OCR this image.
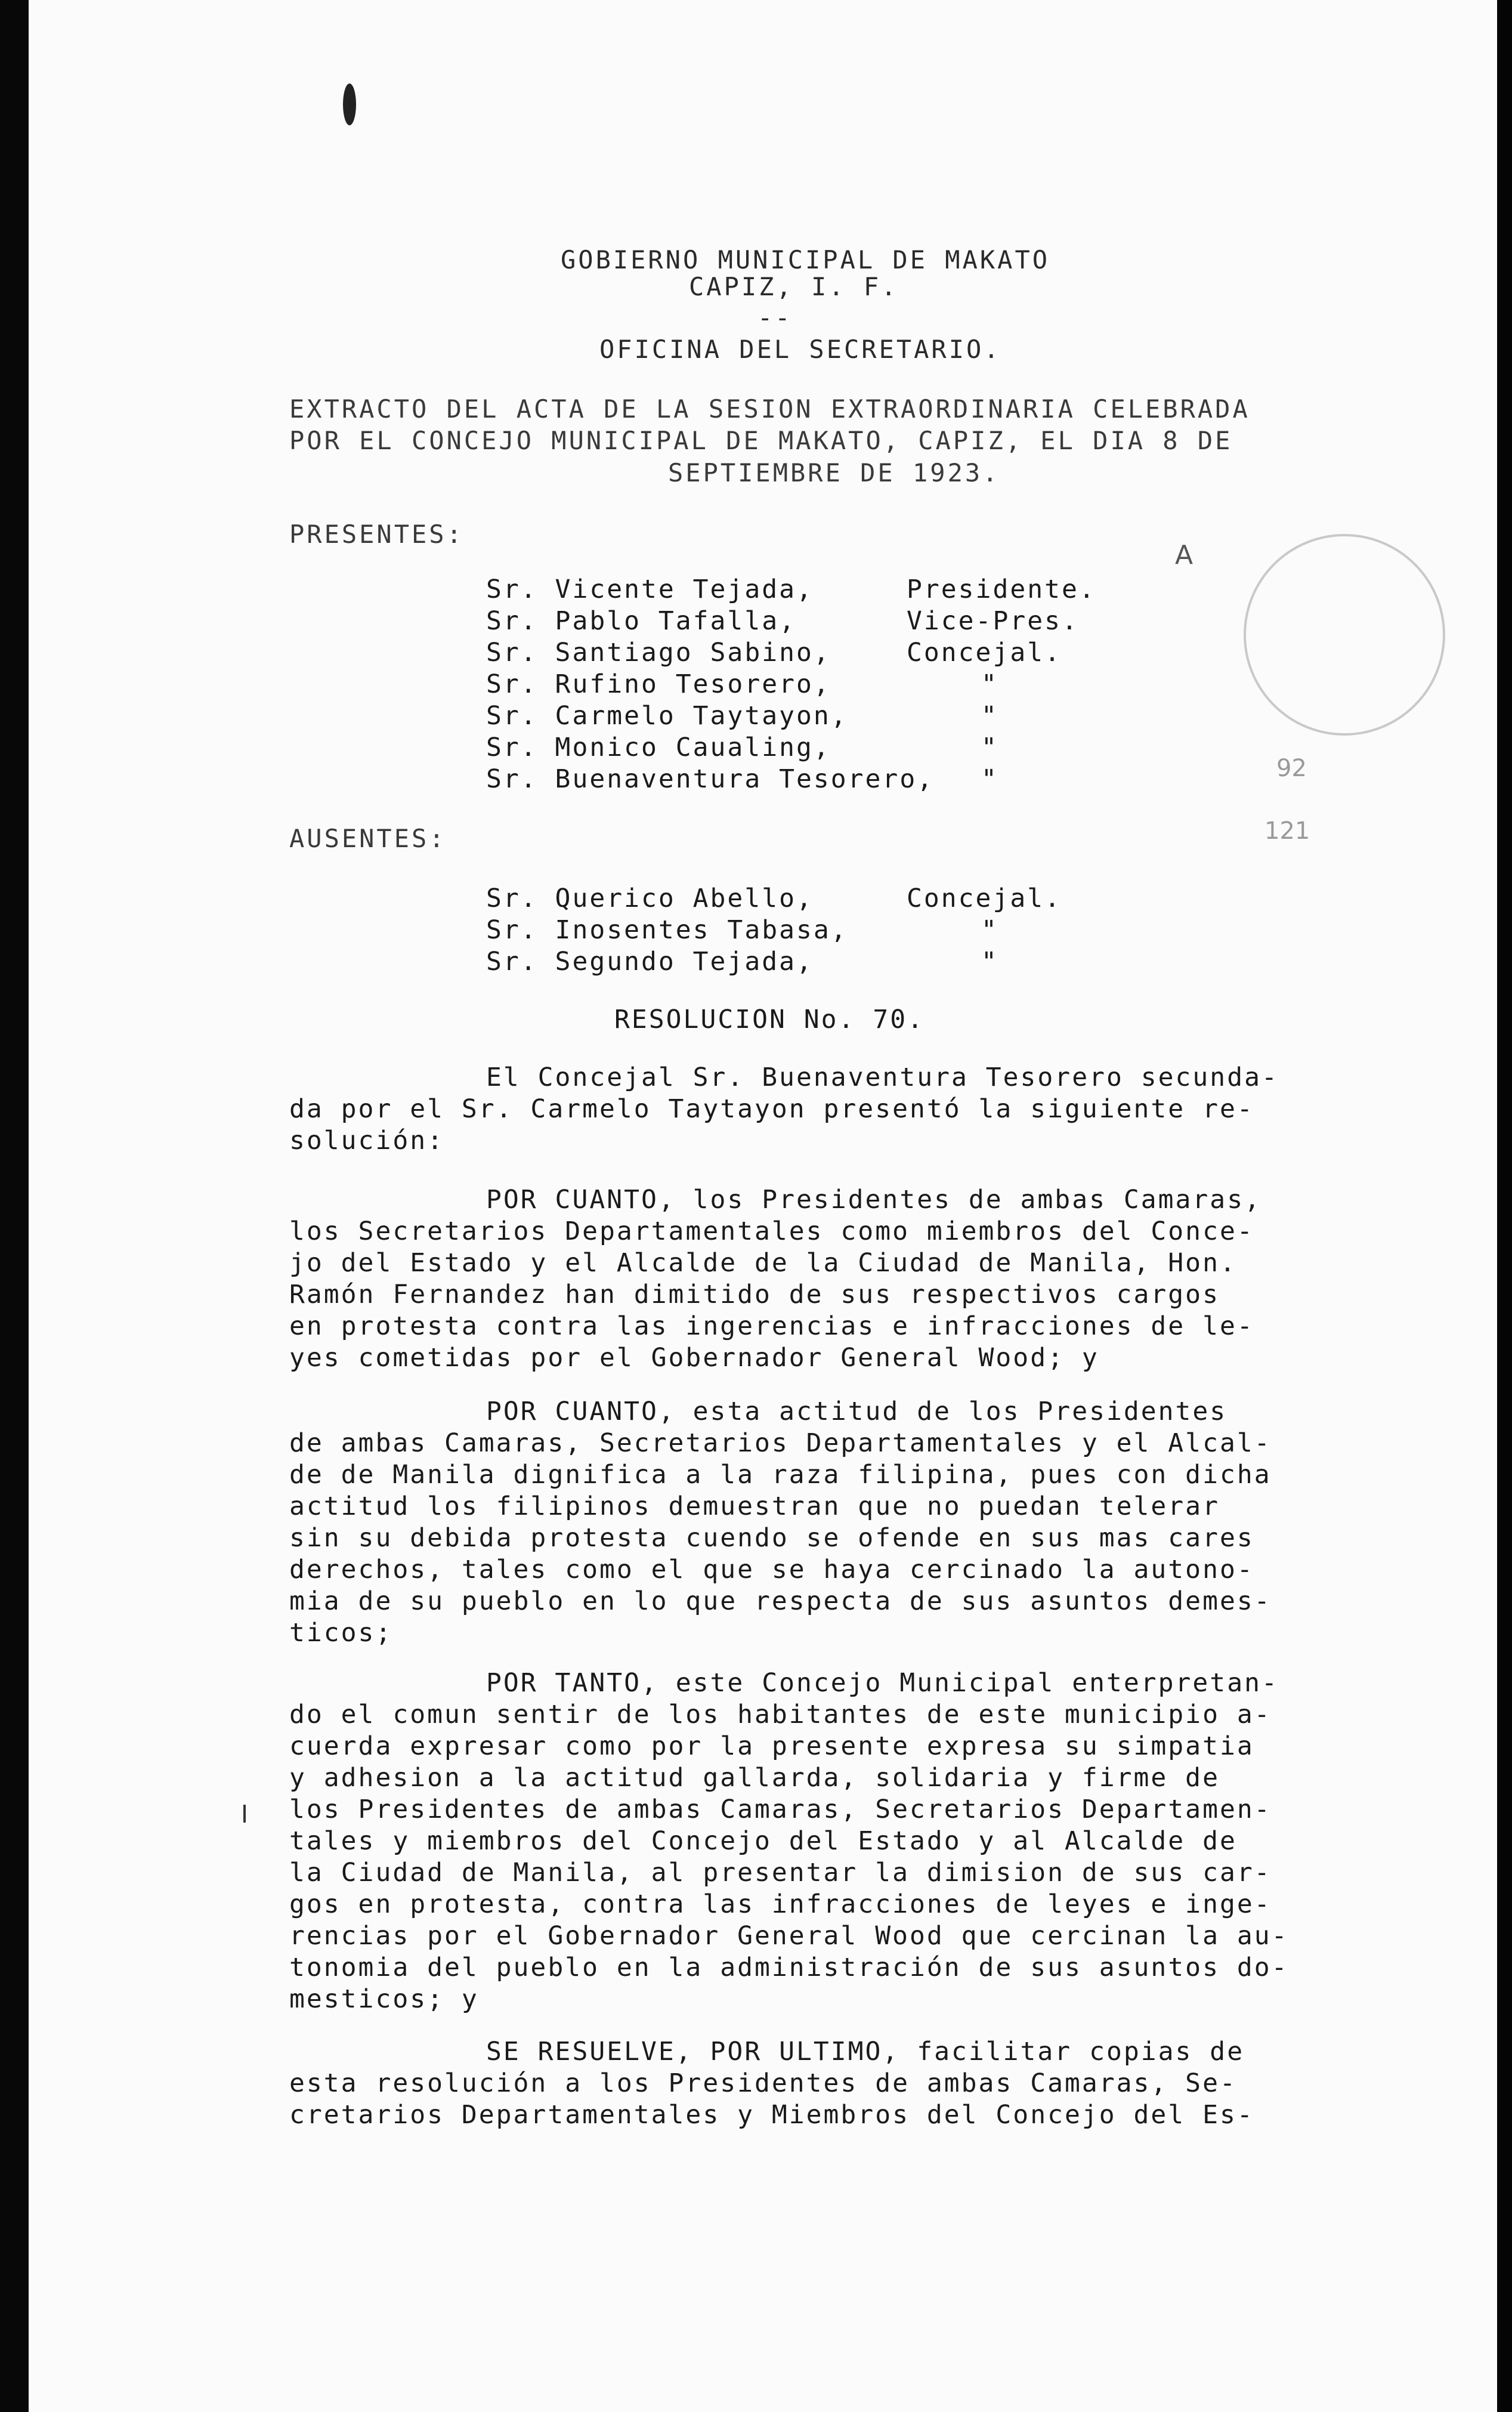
GOBIERNO MUNICIPAL DE MAKATO

CAPIZ, I. F.

--

OFICINA DEL SECRETARIO.

EXTRACTO DEL ACTA DE LA SESION EXTRAORDINARIA CELEBRADA

POR EL CONCEJO MUNICIPAL DE MAKATO, CAPIZ, EL DIA 8 DE

SEPTIEMBRE DE 1923.

PRESENTES:

Sr. Vicente Tejada,	Presidente.

Sr. Pablo Tafalla,	Vice-Pres.

Sr. Santiago Sabino,	Concejal.

Sr. Rufino Tesorero,	"

Sr. Carmelo Taytayon,	"

Sr. Monico Caualing,	"

Sr. Buenaventura Tesorero, "

AUSENTES:

Sr. Querico Abello,	Concejal.

Sr. Inosentes Tabasa,	"

Sr. Segundo Tejada,	"

RESOLUCION No. 70.

El Concejal Sr. Buenaventura Tesorero secunda-

da por el Sr. Carmelo Taytayon presentó la siguiente re-

solución:

POR CUANTO, los Presidentes de ambas Camaras,

los Secretarios Departamentales como miembros del Conce-

jo del Estado y el Alcalde de la Ciudad de Manila, Hon.

Ramón Fernandez han dimitido de sus respectivos cargos

en protesta contra las ingerencias e infracciones de le-

yes cometidas por el Gobernador General Wood; y

POR CUANTO, esta actitud de los Presidentes

de ambas Camaras, Secretarios Departamentales y el Alcal-

de de Manila dignifica a la raza filipina, pues con dicha

actitud los filipinos demuestran que no puedan telerar

sin su debida protesta cuendo se ofende en sus mas cares

derechos, tales como el que se haya cercinado la autono-

mia de su pueblo en lo que respecta de sus asuntos demes-

ticos;

POR TANTO, este Concejo Municipal enterpretan-

do el comun sentir de los habitantes de este municipio a-

cuerda expresar como por la presente expresa su simpatia

y adhesion a la actitud gallarda, solidaria y firme de

los Presidentes de ambas Camaras, Secretarios Departamen-

tales y miembros del Concejo del Estado y al Alcalde de

la Ciudad de Manila, al presentar la dimision de sus car-

gos en protesta, contra las infracciones de leyes e inge-

rencias por el Gobernador General Wood que cercinan la au-

tonomia del pueblo en la administración de sus asuntos do-

mesticos; y

SE RESUELVE, POR ULTIMO, facilitar copias de

esta resolución a los Presidentes de ambas Camaras, Se-

cretarios Departamentales y Miembros del Concejo del Es-

A

92

121
